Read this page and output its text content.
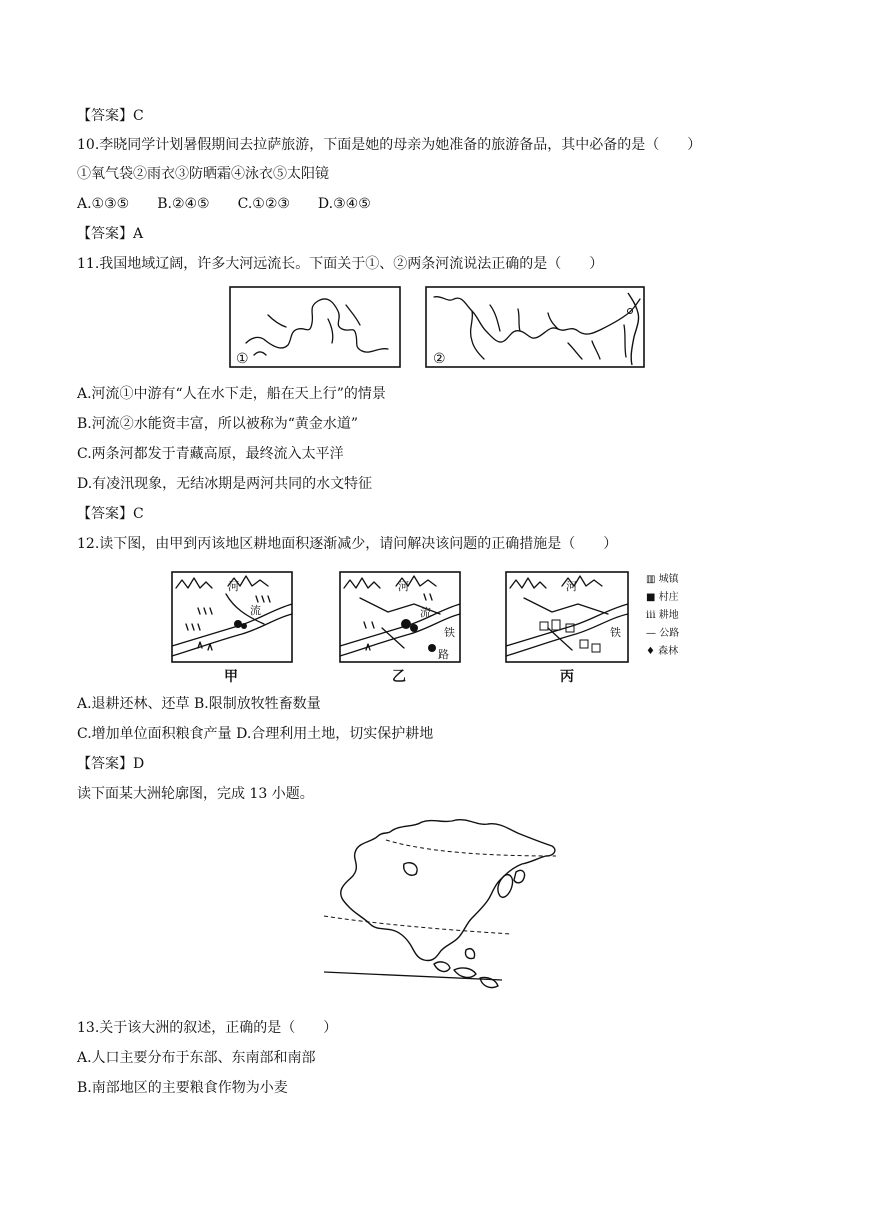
【答案】C
10.李晓同学计划暑假期间去拉萨旅游，下面是她的母亲为她准备的旅游备品，其中必备的是（　　）
①氧气袋②雨衣③防晒霜④泳衣⑤太阳镜
A.①③⑤　　B.②④⑤　　C.①②③　　D.③④⑤
【答案】A
11.我国地域辽阔，许多大河远流长。下面关于①、②两条河流说法正确的是（　　）
①	②
A.河流①中游有“人在水下走，船在天上行”的情景
B.河流②水能资丰富，所以被称为“黄金水道”
C.两条河都发于青藏高原，最终流入太平洋
D.有凌汛现象，无结冰期是两河共同的水文特征
【答案】C
12.读下图，由甲到丙该地区耕地面积逐渐减少，请问解决该问题的正确措施是（　　）
河
流
河
流
铁
路
河
铁
甲	乙	丙
▥ 城镇
■ 村庄
ⅲ 耕地
— 公路
♦ 森林
A.退耕还林、还草 B.限制放牧牲畜数量
C.增加单位面积粮食产量 D.合理利用土地，切实保护耕地
【答案】D
读下面某大洲轮廓图，完成 13 小题。
13.关于该大洲的叙述，正确的是（　　）
A.人口主要分布于东部、东南部和南部
B.南部地区的主要粮食作物为小麦
